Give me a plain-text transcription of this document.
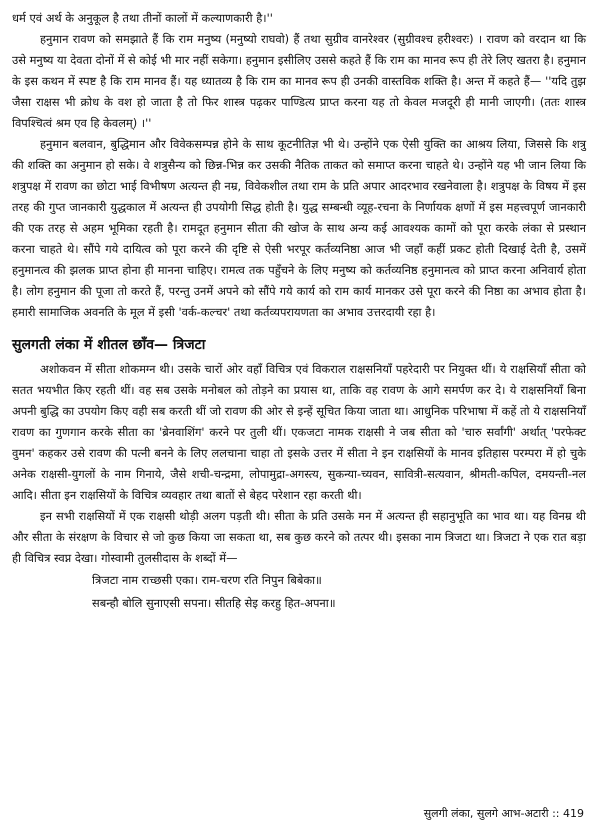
धर्म एवं अर्थ के अनुकूल है तथा तीनों कालों में कल्याणकारी है।''

हनुमान रावण को समझाते हैं कि राम मनुष्य (मनुष्यो राघवो) हैं तथा सुग्रीव वानरेश्वर (सुग्रीवश्च हरीश्वरः) । रावण को वरदान था कि उसे मनुष्य या देवता दोनों में से कोई भी मार नहीं सकेगा। हनुमान इसीलिए उससे कहते हैं कि राम का मानव रूप ही तेरे लिए खतरा है। हनुमान के इस कथन में स्पष्ट है कि राम मानव हैं। यह ध्यातव्य है कि राम का मानव रूप ही उनकी वास्तविक शक्ति है। अन्त में कहते हैं— ''यदि तुझ जैसा राक्षस भी क्रोध के वश हो जाता है तो फिर शास्त्र पढ़कर पाण्डित्य प्राप्त करना यह तो केवल मजदूरी ही मानी जाएगी। (ततः शास्त्र विपश्चित्वं श्रम एव हि केवलम्) ।''

हनुमान बलवान, बुद्धिमान और विवेकसम्पन्न होने के साथ कूटनीतिज्ञ भी थे। उन्होंने एक ऐसी युक्ति का आश्रय लिया, जिससे कि शत्रु की शक्ति का अनुमान हो सके। वे शत्रुसैन्य को छिन्न-भिन्न कर उसकी नैतिक ताकत को समाप्त करना चाहते थे। उन्होंने यह भी जान लिया कि शत्रुपक्ष में रावण का छोटा भाई विभीषण अत्यन्त ही नम्र, विवेकशील तथा राम के प्रति अपार आदरभाव रखनेवाला है। शत्रुपक्ष के विषय में इस तरह की गुप्त जानकारी युद्धकाल में अत्यन्त ही उपयोगी सिद्ध होती है। युद्ध सम्बन्धी व्यूह-रचना के निर्णायक क्षणों में इस महत्त्वपूर्ण जानकारी की एक तरह से अहम भूमिका रहती है। रामदूत हनुमान सीता की खोज के साथ अन्य कई आवश्यक कामों को पूरा करके लंका से प्रस्थान करना चाहते थे। सौंपे गये दायित्व को पूरा करने की दृष्टि से ऐसी भरपूर कर्तव्यनिष्ठा आज भी जहाँ कहीं प्रकट होती दिखाई देती है, उसमें हनुमानत्व की झलक प्राप्त होना ही मानना चाहिए। रामत्व तक पहुँचने के लिए मनुष्य को कर्तव्यनिष्ठ हनुमानत्व को प्राप्त करना अनिवार्य होता है। लोग हनुमान की पूजा तो करते हैं, परन्तु उनमें अपने को सौंपे गये कार्य को राम कार्य मानकर उसे पूरा करने की निष्ठा का अभाव होता है। हमारी सामाजिक अवनति के मूल में इसी 'वर्क-कल्चर' तथा कर्तव्यपरायणता का अभाव उत्तरदायी रहा है।

सुलगती लंका में शीतल छाँव— त्रिजटा

अशोकवन में सीता शोकमग्न थी। उसके चारों ओर वहाँ विचित्र एवं विकराल राक्षसनियाँ पहरेदारी पर नियुक्त थीं। ये राक्षसियाँ सीता को सतत भयभीत किए रहती थीं। वह सब उसके मनोबल को तोड़ने का प्रयास था, ताकि वह रावण के आगे समर्पण कर दे। ये राक्षसनियाँ बिना अपनी बुद्धि का उपयोग किए वही सब करती थीं जो रावण की ओर से इन्हें सूचित किया जाता था। आधुनिक परिभाषा में कहें तो ये राक्षसनियाँ रावण का गुणगान करके सीता का 'ब्रेनवाशिंग' करने पर तुली थीं। एकजटा नामक राक्षसी ने जब सीता को 'चारु सर्वांगी' अर्थात् 'परफेक्ट वुमन' कहकर उसे रावण की पत्नी बनने के लिए ललचाना चाहा तो इसके उत्तर में सीता ने इन राक्षसियों के मानव इतिहास परम्परा में हो चुके अनेक राक्षसी-युगलों के नाम गिनाये, जैसे शची-चन्द्रमा, लोपामुद्रा-अगस्त्य, सुकन्या-च्यवन, सावित्री-सत्यवान, श्रीमती-कपिल, दमयन्ती-नल आदि। सीता इन राक्षसियों के विचित्र व्यवहार तथा बातों से बेहद परेशान रहा करती थी।

इन सभी राक्षसियों में एक राक्षसी थोड़ी अलग पड़ती थी। सीता के प्रति उसके मन में अत्यन्त ही सहानुभूति का भाव था। यह विनम्र थी और सीता के संरक्षण के विचार से जो कुछ किया जा सकता था, सब कुछ करने को तत्पर थी। इसका नाम त्रिजटा था। त्रिजटा ने एक रात बड़ा ही विचित्र स्वप्न देखा। गोस्वामी तुलसीदास के शब्दों में—

त्रिजटा नाम राच्छसी एका। राम-चरण रति निपुन बिबेका॥

सबन्हौ बोलि सुनाएसी सपना। सीतहि सेइ करहु हित-अपना॥

सुलगी लंका, सुलगे आभ-अटारी :: 419
